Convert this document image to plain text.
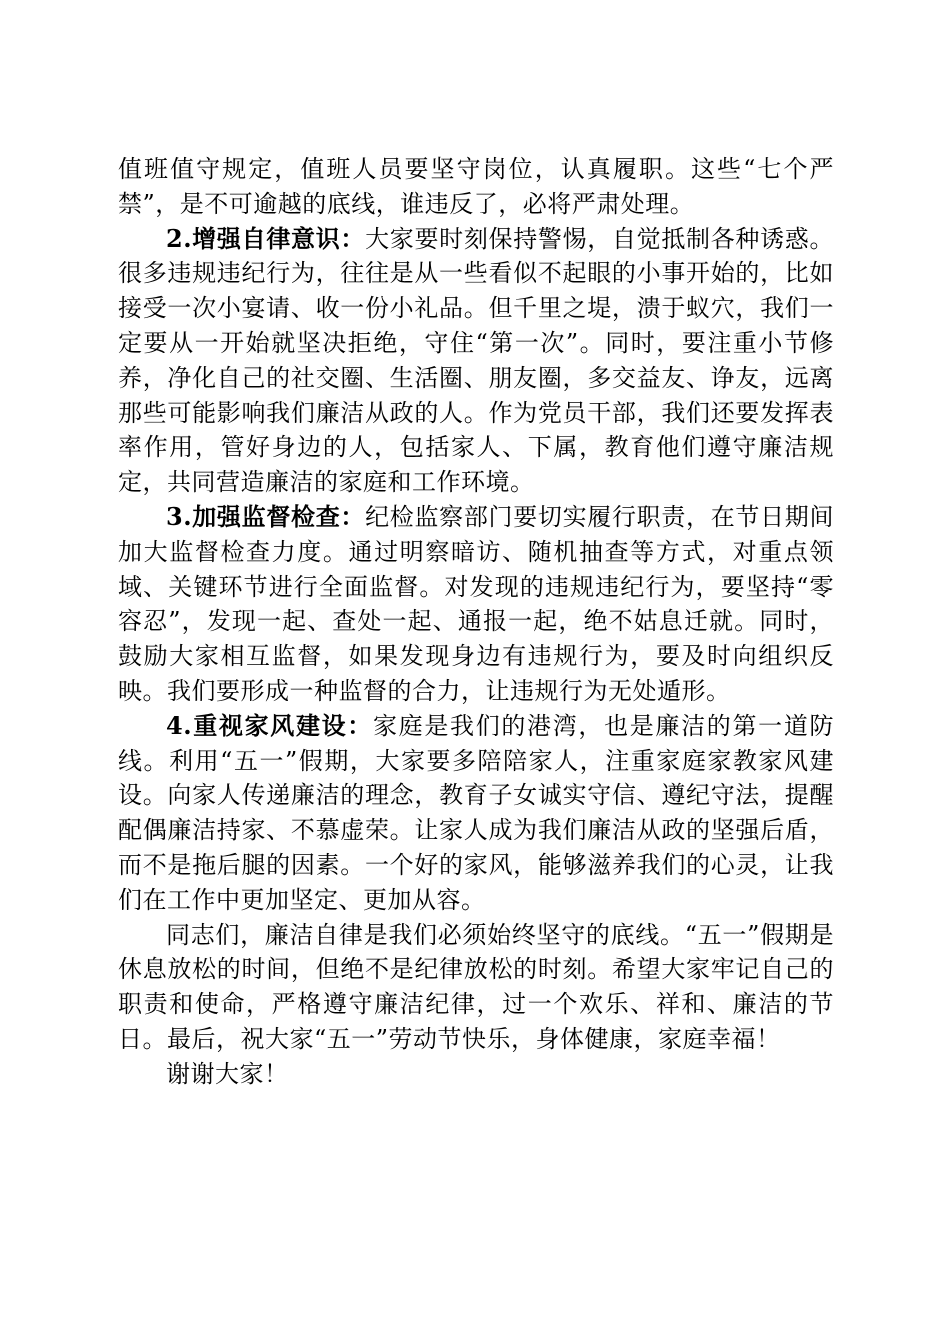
值班值守规定，值班人员要坚守岗位，认真履职。这些“七个严禁”，是不可逾越的底线，谁违反了，必将严肃处理。

2.增强自律意识：大家要时刻保持警惕，自觉抵制各种诱惑。很多违规违纪行为，往往是从一些看似不起眼的小事开始的，比如接受一次小宴请、收一份小礼品。但千里之堤，溃于蚁穴，我们一定要从一开始就坚决拒绝，守住“第一次”。同时，要注重小节修养，净化自己的社交圈、生活圈、朋友圈，多交益友、诤友，远离那些可能影响我们廉洁从政的人。作为党员干部，我们还要发挥表率作用，管好身边的人，包括家人、下属，教育他们遵守廉洁规定，共同营造廉洁的家庭和工作环境。

3.加强监督检查：纪检监察部门要切实履行职责，在节日期间加大监督检查力度。通过明察暗访、随机抽查等方式，对重点领域、关键环节进行全面监督。对发现的违规违纪行为，要坚持“零容忍”，发现一起、查处一起、通报一起，绝不姑息迁就。同时，鼓励大家相互监督，如果发现身边有违规行为，要及时向组织反映。我们要形成一种监督的合力，让违规行为无处遁形。

4.重视家风建设：家庭是我们的港湾，也是廉洁的第一道防线。利用“五一”假期，大家要多陪陪家人，注重家庭家教家风建设。向家人传递廉洁的理念，教育子女诚实守信、遵纪守法，提醒配偶廉洁持家、不慕虚荣。让家人成为我们廉洁从政的坚强后盾，而不是拖后腿的因素。一个好的家风，能够滋养我们的心灵，让我们在工作中更加坚定、更加从容。

同志们，廉洁自律是我们必须始终坚守的底线。“五一”假期是休息放松的时间，但绝不是纪律放松的时刻。希望大家牢记自己的职责和使命，严格遵守廉洁纪律，过一个欢乐、祥和、廉洁的节日。最后，祝大家“五一”劳动节快乐，身体健康，家庭幸福！

谢谢大家！
